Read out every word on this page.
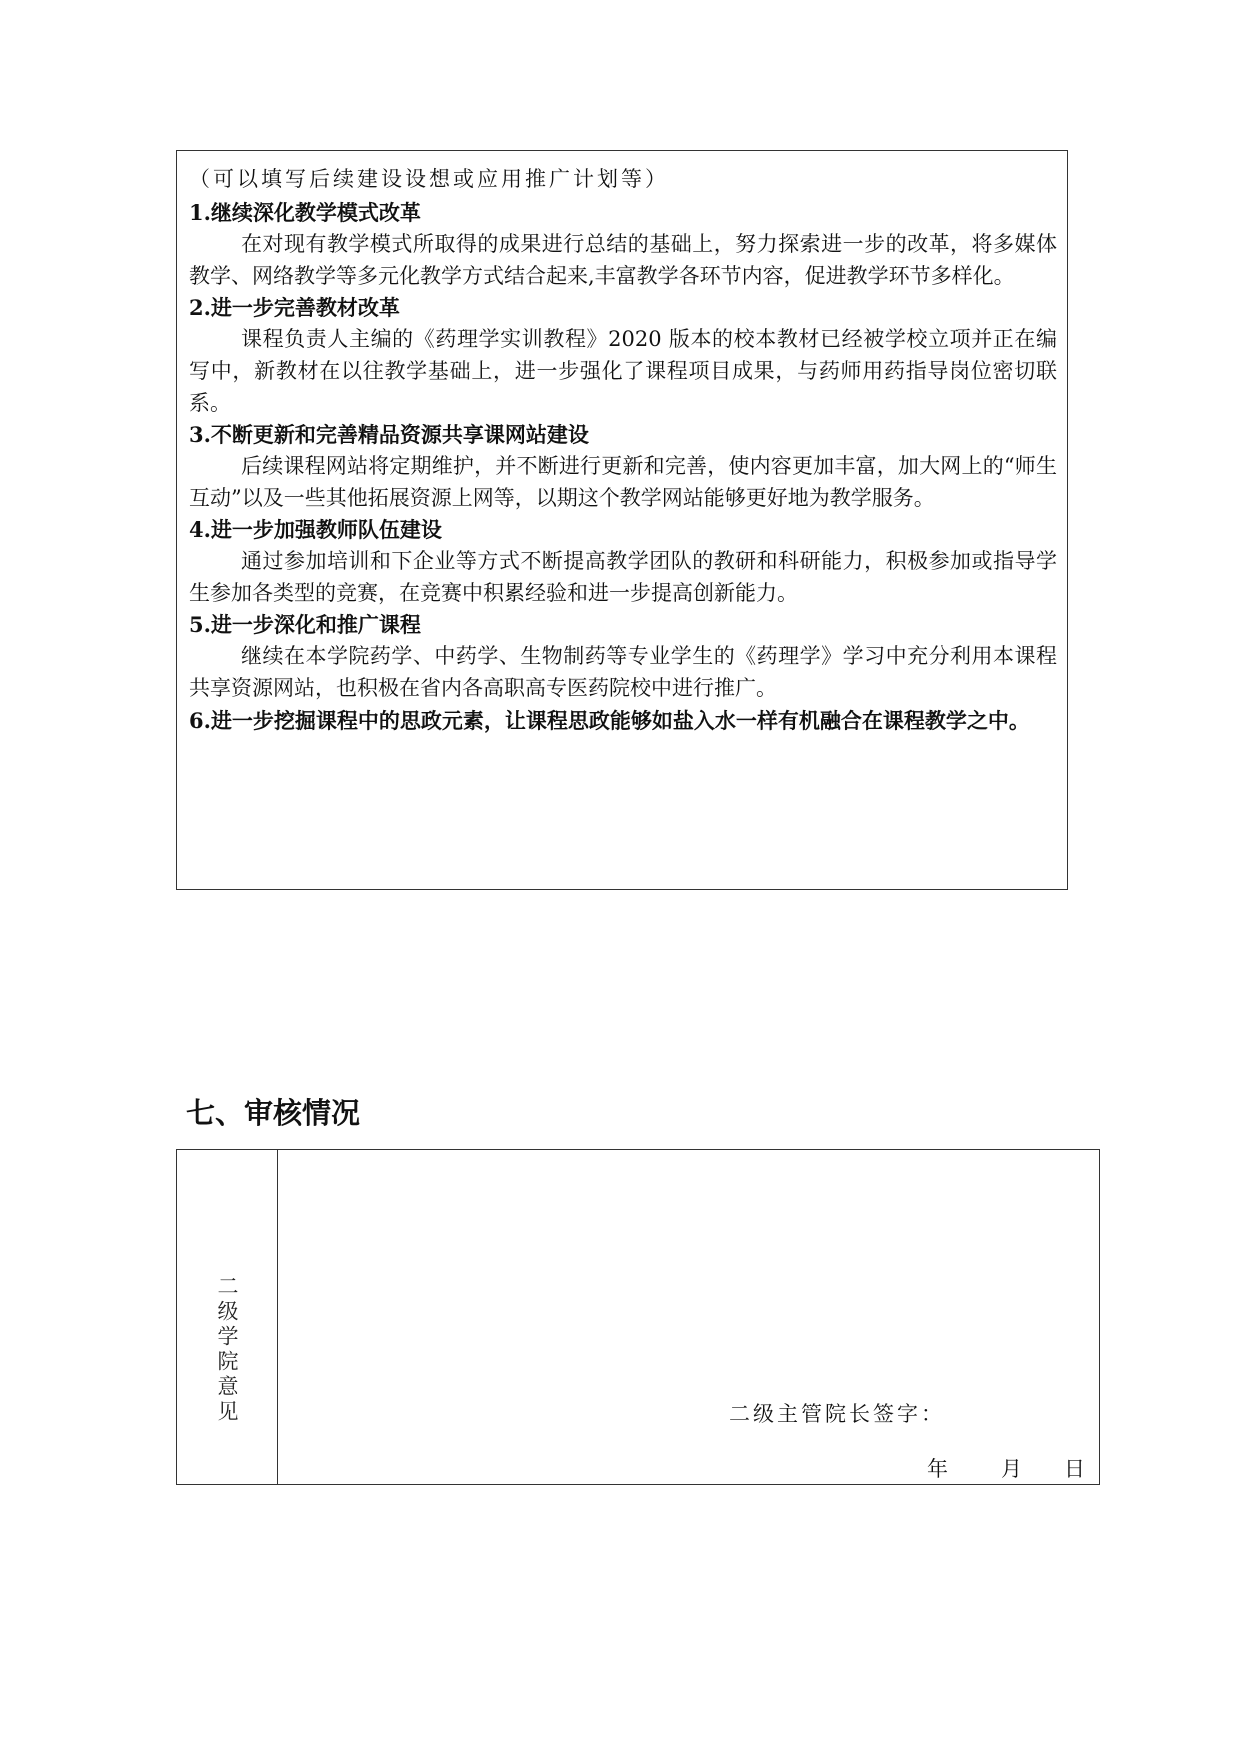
（可以填写后续建设设想或应用推广计划等）

1.继续深化教学模式改革

在对现有教学模式所取得的成果进行总结的基础上，努力探索进一步的改革，将多媒体教学、网络教学等多元化教学方式结合起来,丰富教学各环节内容，促进教学环节多样化。

2.进一步完善教材改革

课程负责人主编的《药理学实训教程》2020 版本的校本教材已经被学校立项并正在编写中，新教材在以往教学基础上，进一步强化了课程项目成果，与药师用药指导岗位密切联系。

3.不断更新和完善精品资源共享课网站建设

后续课程网站将定期维护，并不断进行更新和完善，使内容更加丰富，加大网上的“师生互动”以及一些其他拓展资源上网等，以期这个教学网站能够更好地为教学服务。

4.进一步加强教师队伍建设

通过参加培训和下企业等方式不断提高教学团队的教研和科研能力，积极参加或指导学生参加各类型的竞赛，在竞赛中积累经验和进一步提高创新能力。

5.进一步深化和推广课程

继续在本学院药学、中药学、生物制药等专业学生的《药理学》学习中充分利用本课程共享资源网站，也积极在省内各高职高专医药院校中进行推广。

6.进一步挖掘课程中的思政元素，让课程思政能够如盐入水一样有机融合在课程教学之中。

七、审核情况
二级学院意见	二级主管院长签字：
年	月 日
